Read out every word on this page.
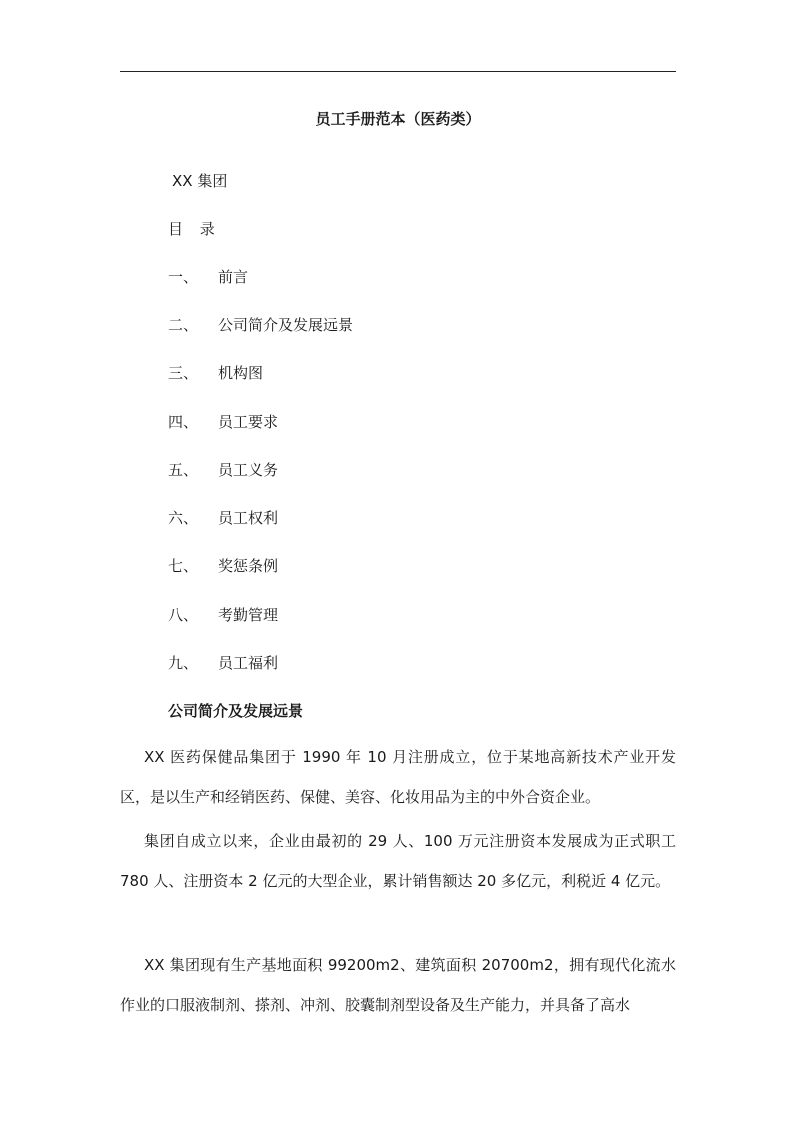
员工手册范本（医药类）
XX 集团
目 录
一、 前言
二、 公司简介及发展远景
三、 机构图
四、 员工要求
五、 员工义务
六、 员工权利
七、 奖惩条例
八、 考勤管理
九、 员工福利
公司简介及发展远景

XX 医药保健品集团于 1990 年 10 月注册成立，位于某地高新技术产业开发区，是以生产和经销医药、保健、美容、化妆用品为主的中外合资企业。

集团自成立以来，企业由最初的 29 人、100 万元注册资本发展成为正式职工 780 人、注册资本 2 亿元的大型企业，累计销售额达 20 多亿元，利税近 4 亿元。

XX 集团现有生产基地面积 99200m2、建筑面积 20700m2，拥有现代化流水作业的口服液制剂、搽剂、冲剂、胶囊制剂型设备及生产能力，并具备了高水
